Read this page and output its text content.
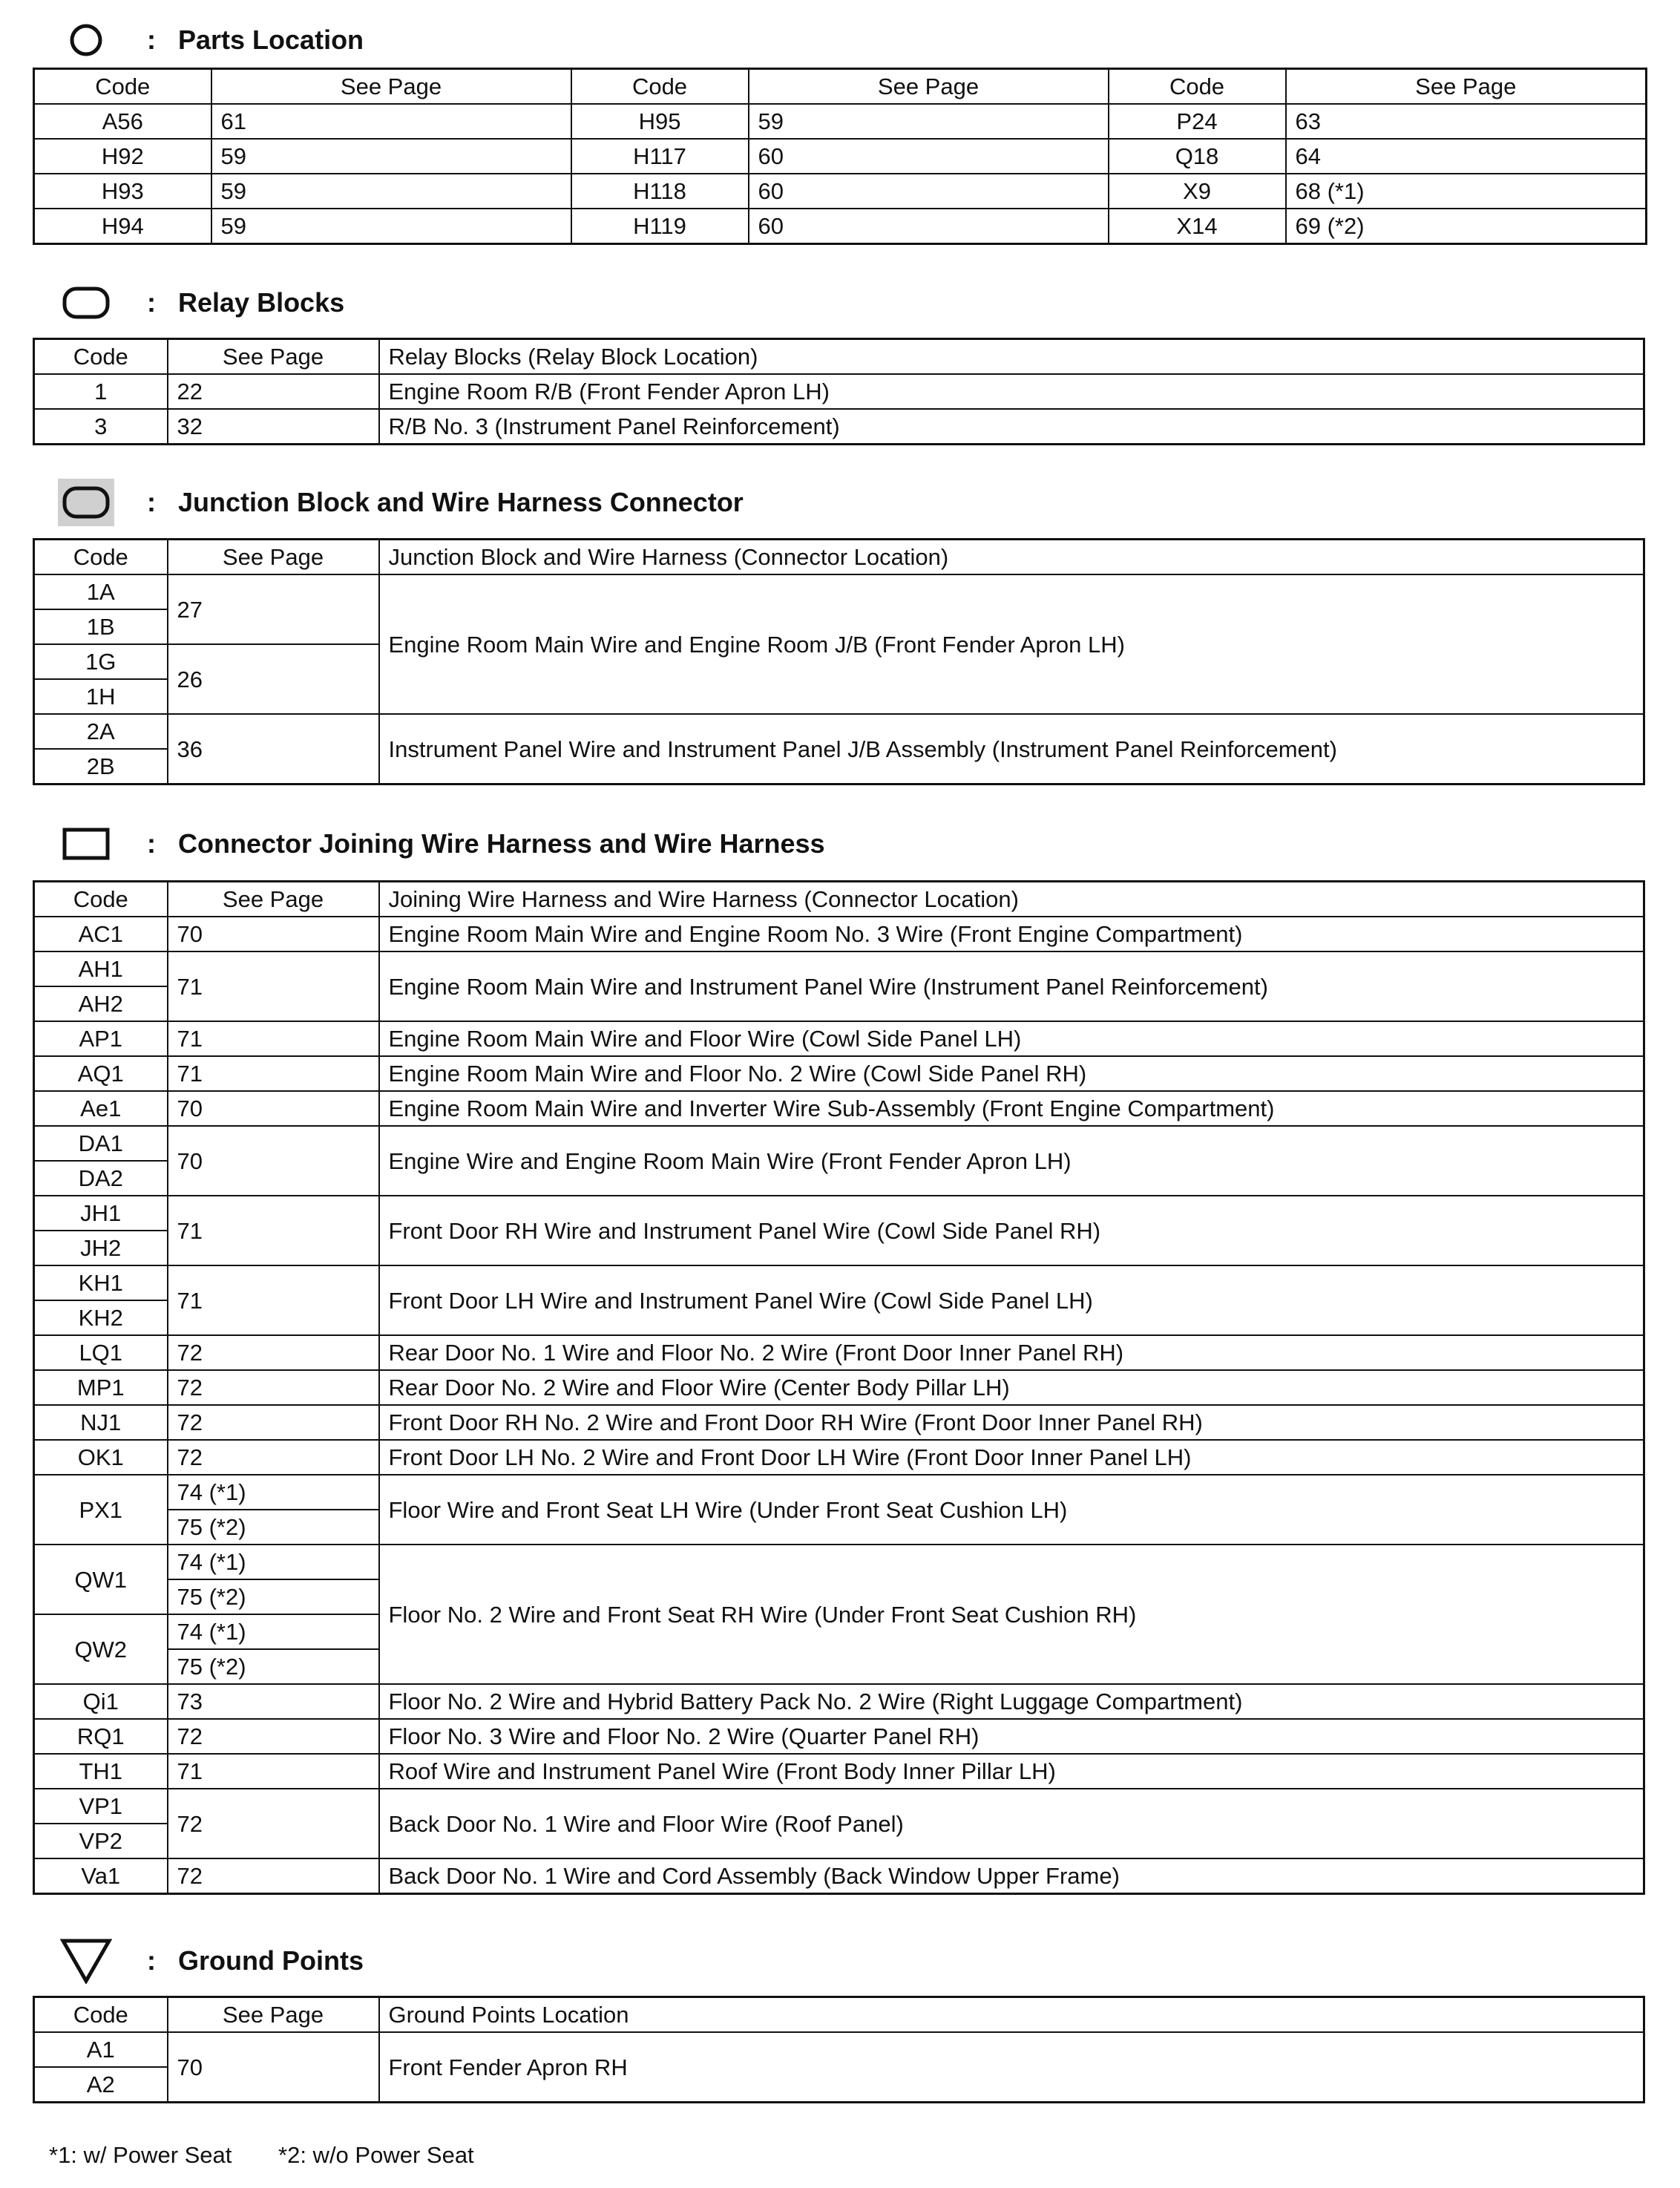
: Parts Location
Code	See Page	Code	See Page	Code	See Page
A56	61	H95	59	P24	63
H92	59	H117	60	Q18	64
H93	59	H118	60	X9	68 (*1)
H94	59	H119	60	X14	69 (*2)
: Relay Blocks
Code	See Page	Relay Blocks (Relay Block Location)
1	22	Engine Room R/B (Front Fender Apron LH)
3	32	R/B No. 3 (Instrument Panel Reinforcement)
: Junction Block and Wire Harness Connector
Code	See Page	Junction Block and Wire Harness (Connector Location)
1A	27	Engine Room Main Wire and Engine Room J/B (Front Fender Apron LH)
1B		
1G	26	
1H		
2A	36	Instrument Panel Wire and Instrument Panel J/B Assembly (Instrument Panel Reinforcement)
2B		
: Connector Joining Wire Harness and Wire Harness
Code	See Page	Joining Wire Harness and Wire Harness (Connector Location)
AC1	70	Engine Room Main Wire and Engine Room No. 3 Wire (Front Engine Compartment)
AH1	71	Engine Room Main Wire and Instrument Panel Wire (Instrument Panel Reinforcement)
AH2		
AP1	71	Engine Room Main Wire and Floor Wire (Cowl Side Panel LH)
AQ1	71	Engine Room Main Wire and Floor No. 2 Wire (Cowl Side Panel RH)
Ae1	70	Engine Room Main Wire and Inverter Wire Sub-Assembly (Front Engine Compartment)
DA1	70	Engine Wire and Engine Room Main Wire (Front Fender Apron LH)
DA2		
JH1	71	Front Door RH Wire and Instrument Panel Wire (Cowl Side Panel RH)
JH2		
KH1	71	Front Door LH Wire and Instrument Panel Wire (Cowl Side Panel LH)
KH2		
LQ1	72	Rear Door No. 1 Wire and Floor No. 2 Wire (Front Door Inner Panel RH)
MP1	72	Rear Door No. 2 Wire and Floor Wire (Center Body Pillar LH)
NJ1	72	Front Door RH No. 2 Wire and Front Door RH Wire (Front Door Inner Panel RH)
OK1	72	Front Door LH No. 2 Wire and Front Door LH Wire (Front Door Inner Panel LH)
PX1	74 (*1)	Floor Wire and Front Seat LH Wire (Under Front Seat Cushion LH)
	75 (*2)	
QW1	74 (*1)	Floor No. 2 Wire and Front Seat RH Wire (Under Front Seat Cushion RH)
	75 (*2)	
QW2	74 (*1)	
	75 (*2)	
Qi1	73	Floor No. 2 Wire and Hybrid Battery Pack No. 2 Wire (Right Luggage Compartment)
RQ1	72	Floor No. 3 Wire and Floor No. 2 Wire (Quarter Panel RH)
TH1	71	Roof Wire and Instrument Panel Wire (Front Body Inner Pillar LH)
VP1	72	Back Door No. 1 Wire and Floor Wire (Roof Panel)
VP2		
Va1	72	Back Door No. 1 Wire and Cord Assembly (Back Window Upper Frame)
: Ground Points
Code	See Page	Ground Points Location
A1	70	Front Fender Apron RH
A2		
*1: w/ Power Seat *2: w/o Power Seat
